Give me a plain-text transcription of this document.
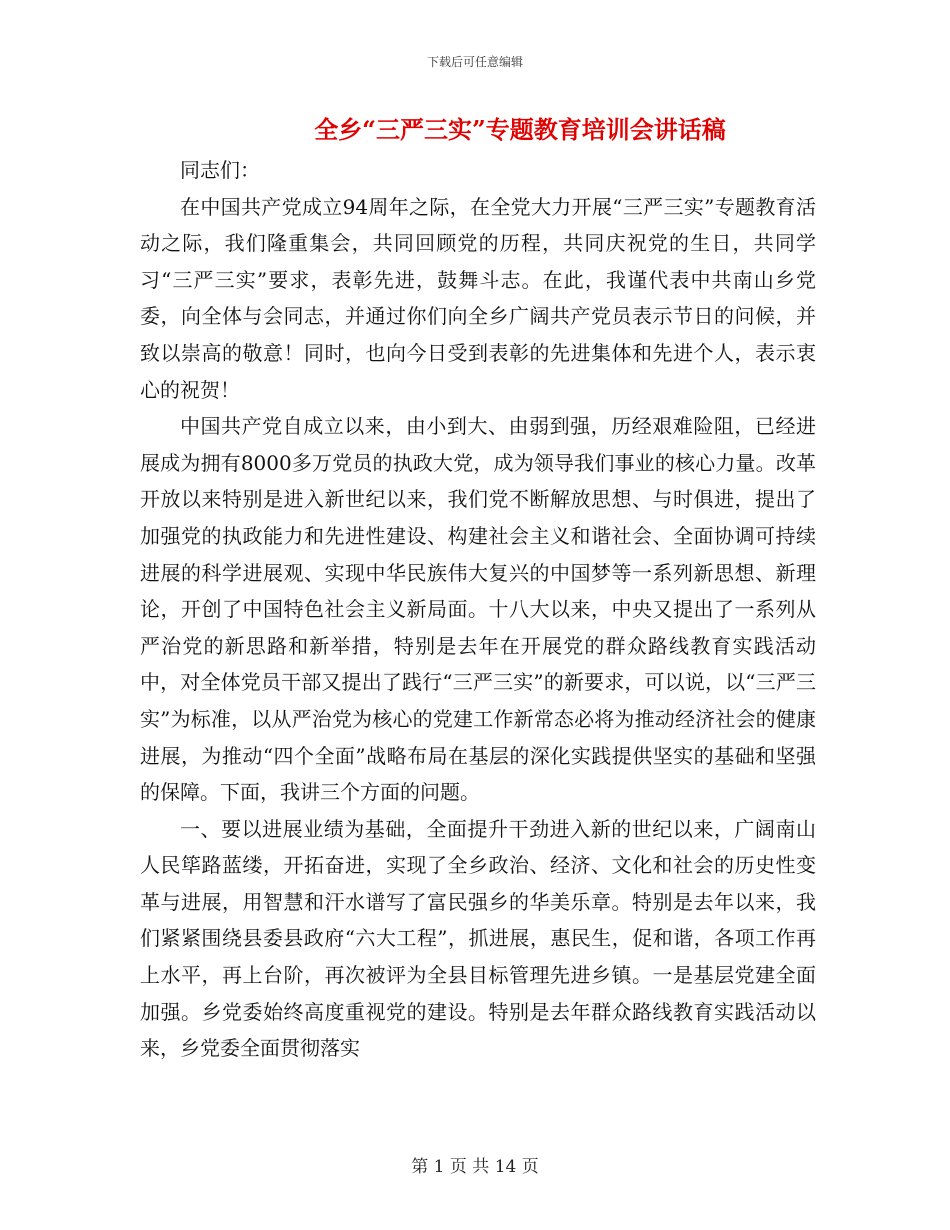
下载后可任意编辑
全乡“三严三实”专题教育培训会讲话稿

同志们：

在中国共产党成立94周年之际，在全党大力开展“三严三实”专题教育活动之际，我们隆重集会，共同回顾党的历程，共同庆祝党的生日，共同学习“三严三实”要求，表彰先进，鼓舞斗志。在此，我谨代表中共南山乡党委，向全体与会同志，并通过你们向全乡广阔共产党员表示节日的问候，并致以崇高的敬意！同时，也向今日受到表彰的先进集体和先进个人，表示衷心的祝贺！

中国共产党自成立以来，由小到大、由弱到强，历经艰难险阻，已经进展成为拥有8000多万党员的执政大党，成为领导我们事业的核心力量。改革开放以来特别是进入新世纪以来，我们党不断解放思想、与时俱进，提出了加强党的执政能力和先进性建设、构建社会主义和谐社会、全面协调可持续进展的科学进展观、实现中华民族伟大复兴的中国梦等一系列新思想、新理论，开创了中国特色社会主义新局面。十八大以来，中央又提出了一系列从严治党的新思路和新举措，特别是去年在开展党的群众路线教育实践活动中，对全体党员干部又提出了践行“三严三实”的新要求，可以说，以“三严三实”为标准，以从严治党为核心的党建工作新常态必将为推动经济社会的健康进展，为推动“四个全面”战略布局在基层的深化实践提供坚实的基础和坚强的保障。下面，我讲三个方面的问题。

一、要以进展业绩为基础，全面提升干劲进入新的世纪以来，广阔南山人民筚路蓝缕，开拓奋进，实现了全乡政治、经济、文化和社会的历史性变革与进展，用智慧和汗水谱写了富民强乡的华美乐章。特别是去年以来，我们紧紧围绕县委县政府“六大工程”，抓进展，惠民生，促和谐，各项工作再上水平，再上台阶，再次被评为全县目标管理先进乡镇。一是基层党建全面加强。乡党委始终高度重视党的建设。特别是去年群众路线教育实践活动以来，乡党委全面贯彻落实

第 1 页 共 14 页
